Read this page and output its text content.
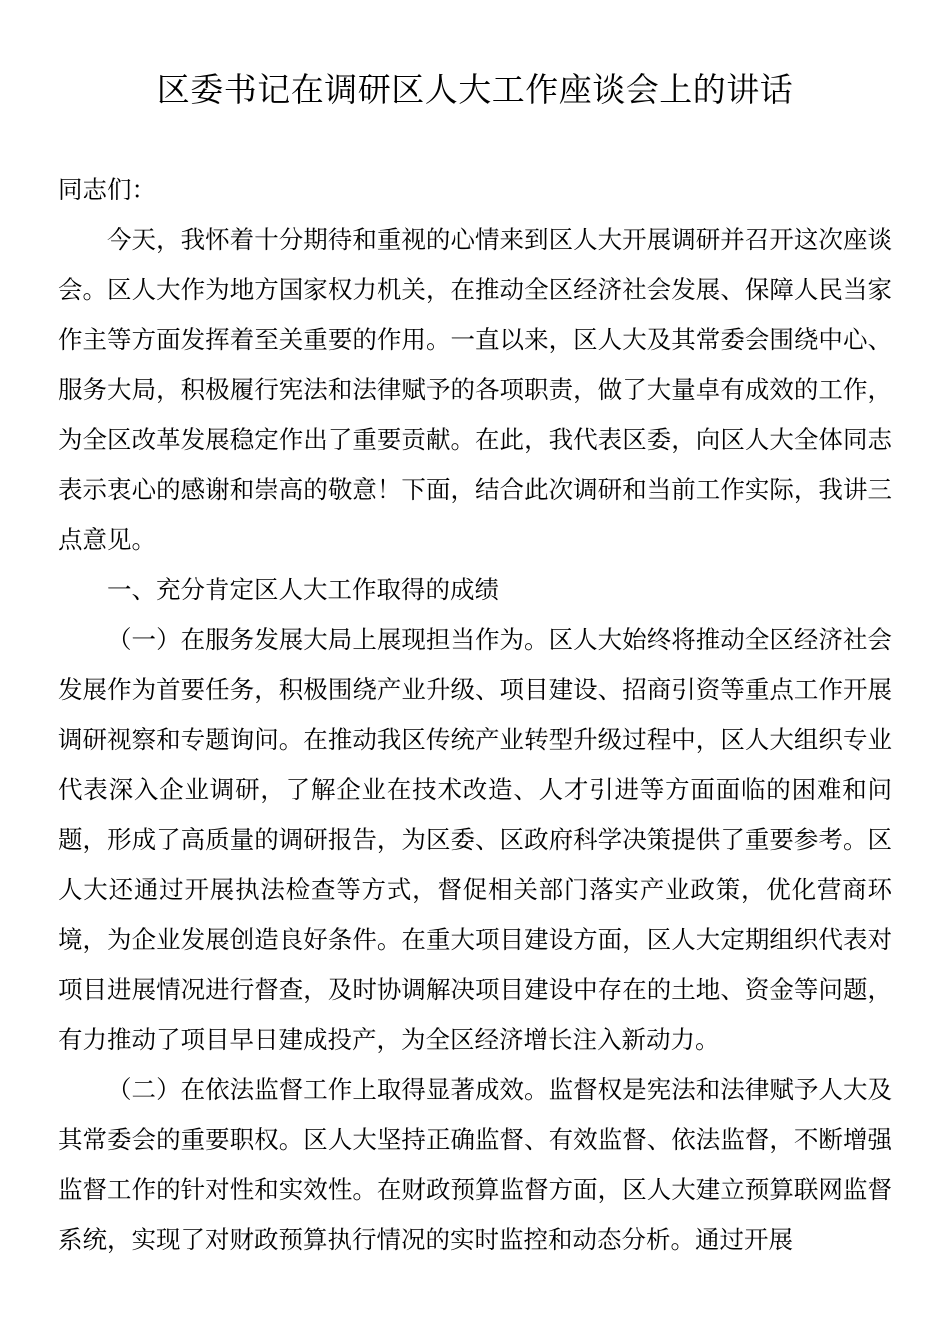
区委书记在调研区人大工作座谈会上的讲话

同志们：

今天，我怀着十分期待和重视的心情来到区人大开展调研并召开这次座谈会。区人大作为地方国家权力机关，在推动全区经济社会发展、保障人民当家作主等方面发挥着至关重要的作用。一直以来，区人大及其常委会围绕中心、服务大局，积极履行宪法和法律赋予的各项职责，做了大量卓有成效的工作，为全区改革发展稳定作出了重要贡献。在此，我代表区委，向区人大全体同志表示衷心的感谢和崇高的敬意！下面，结合此次调研和当前工作实际，我讲三点意见。

一、充分肯定区人大工作取得的成绩

（一）在服务发展大局上展现担当作为。区人大始终将推动全区经济社会发展作为首要任务，积极围绕产业升级、项目建设、招商引资等重点工作开展调研视察和专题询问。在推动我区传统产业转型升级过程中，区人大组织专业代表深入企业调研，了解企业在技术改造、人才引进等方面面临的困难和问题，形成了高质量的调研报告，为区委、区政府科学决策提供了重要参考。区人大还通过开展执法检查等方式，督促相关部门落实产业政策，优化营商环境，为企业发展创造良好条件。在重大项目建设方面，区人大定期组织代表对项目进展情况进行督查，及时协调解决项目建设中存在的土地、资金等问题，有力推动了项目早日建成投产，为全区经济增长注入新动力。

（二）在依法监督工作上取得显著成效。监督权是宪法和法律赋予人大及其常委会的重要职权。区人大坚持正确监督、有效监督、依法监督，不断增强监督工作的针对性和实效性。在财政预算监督方面，区人大建立预算联网监督系统，实现了对财政预算执行情况的实时监控和动态分析。通过开展
